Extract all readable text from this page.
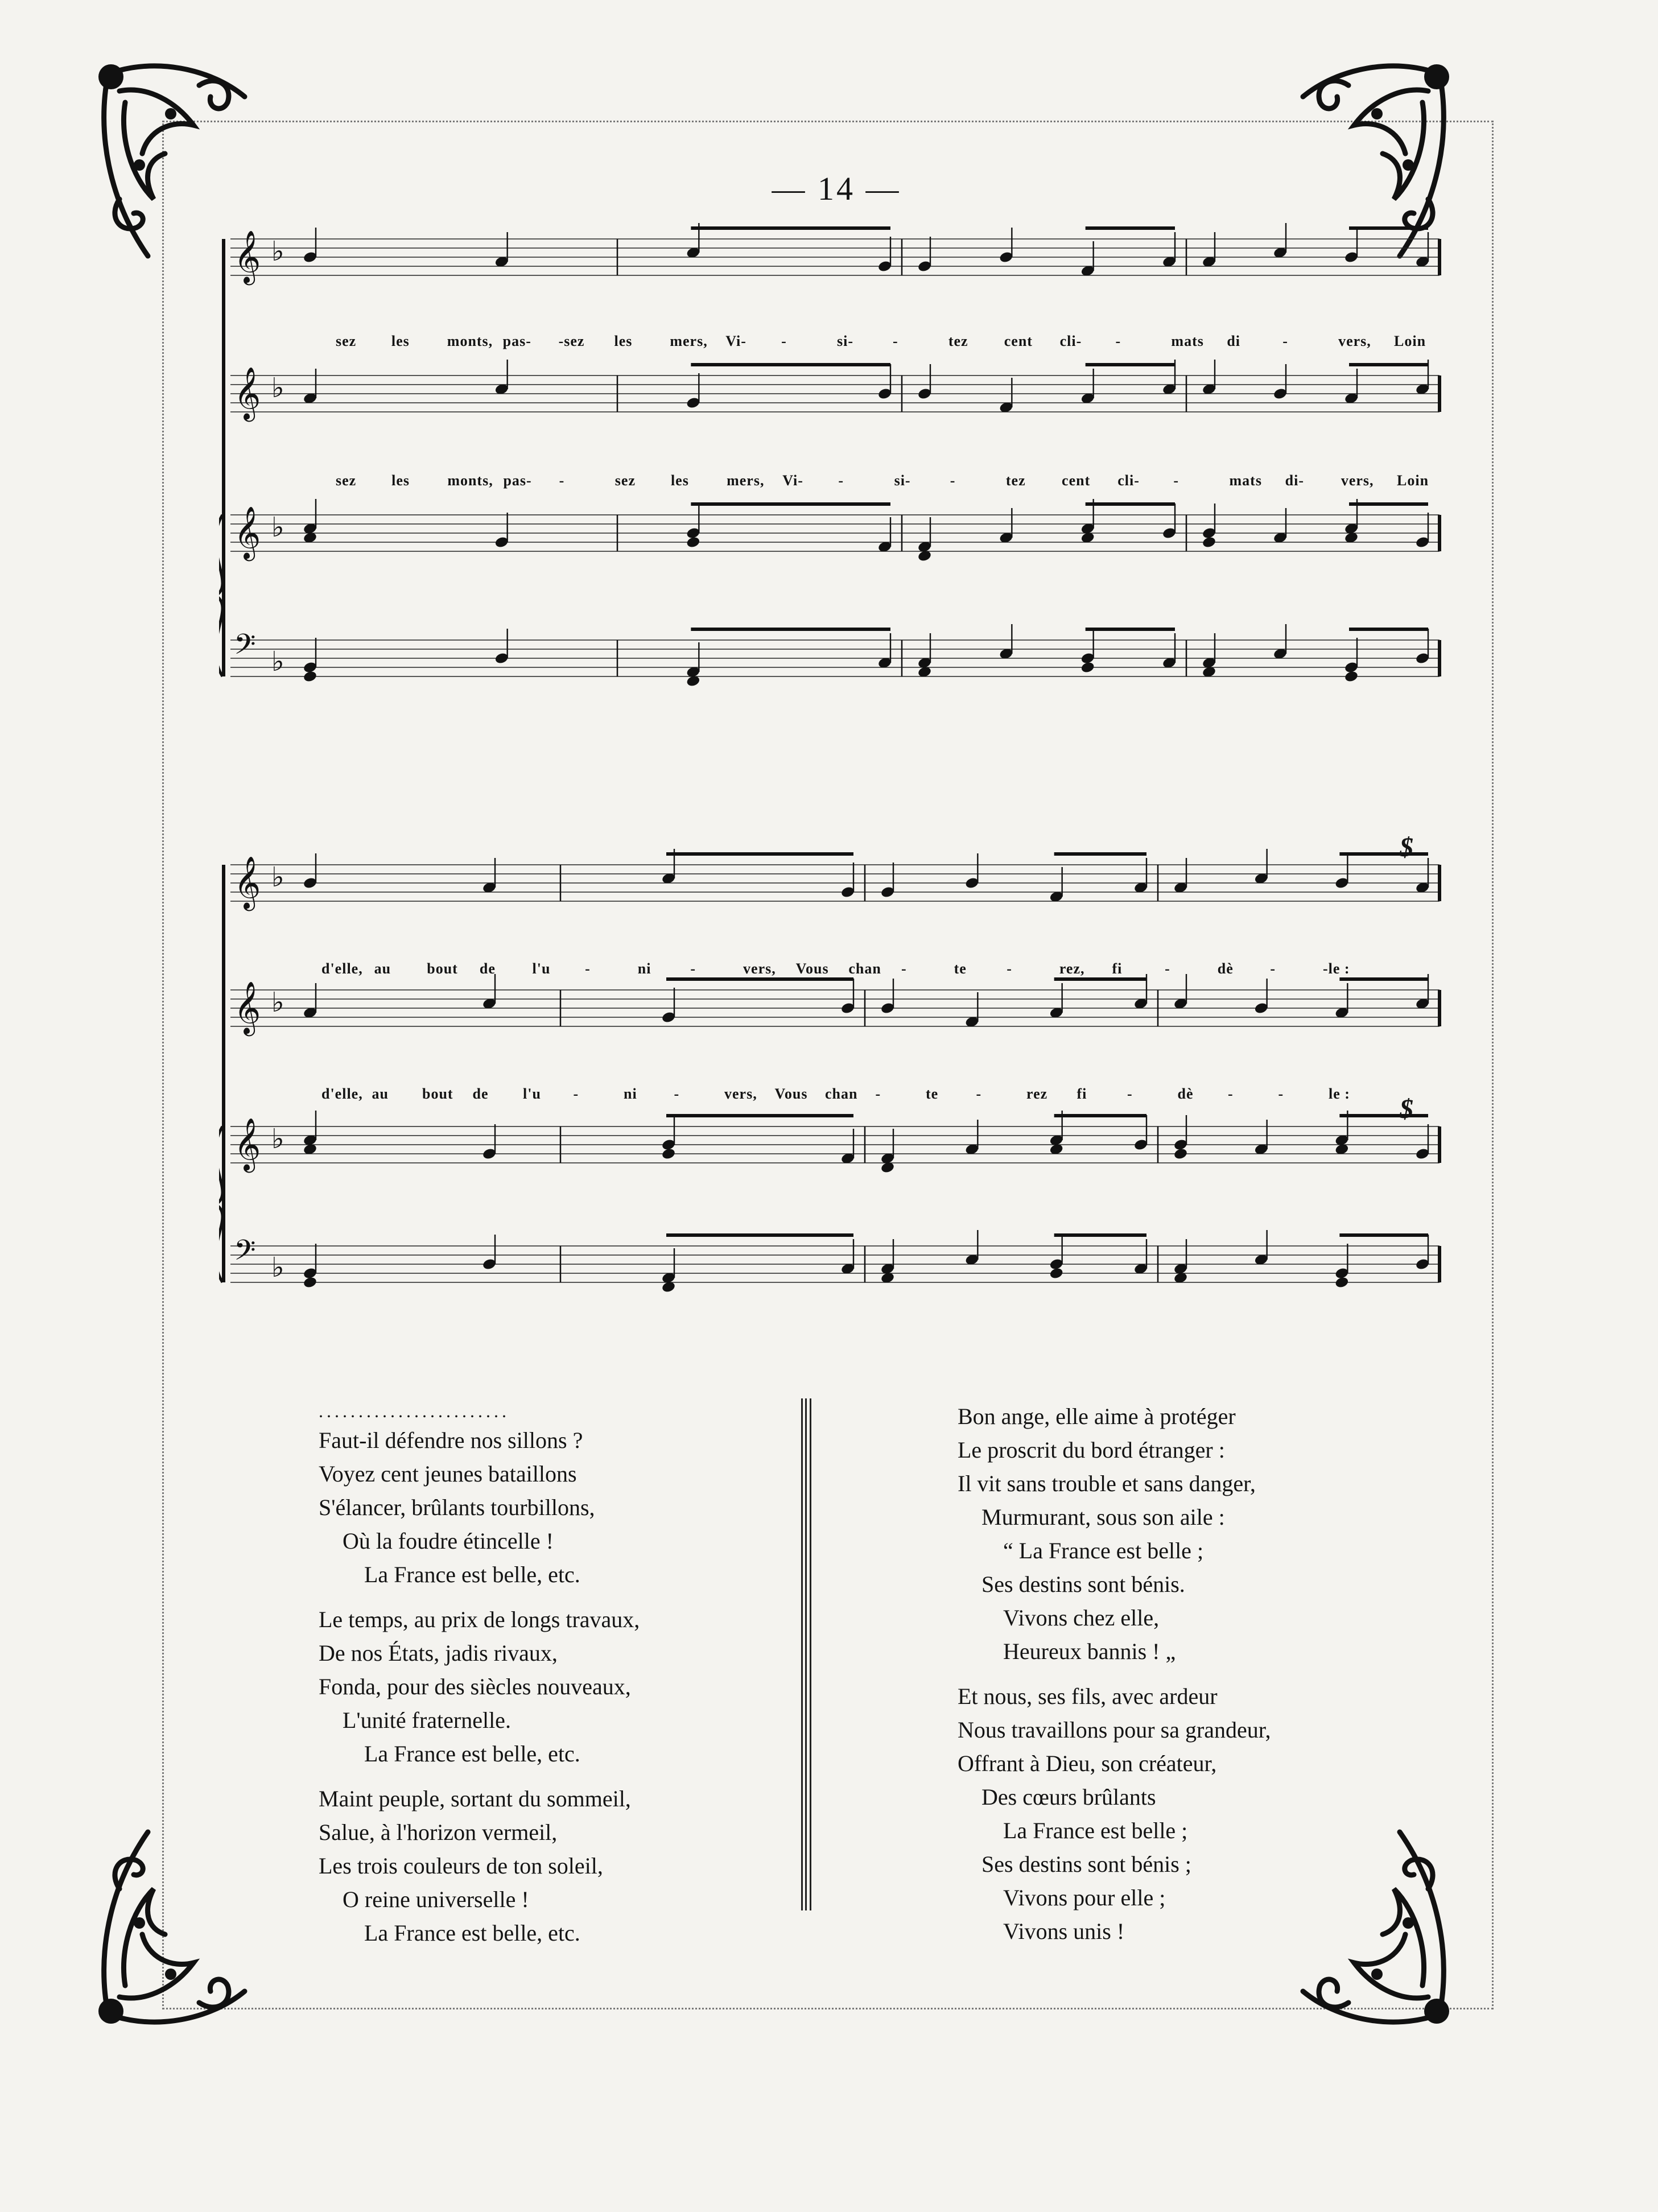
— 14 —
𝄞 ♭
𝄞 ♭
𝄞 ♭
𝄢 ♭
sez les	monts, pas- -sez les	mers, Vi- -	si-	-	tez cent cli- -	mats di	-	vers, Loin
sez les	monts, pas- -	sez les	mers, Vi- -	si-	-	tez cent cli- -	mats di- vers, Loin
𝄞 ♭
𝄞 ♭
𝄞 ♭
𝄢 ♭
d'elle, au bout de l'u -	ni	-	vers, Vous chan -	te	-	rez, fi	-	dè -	-le :
d'elle, au bout de l'u -	ni -	vers, Vous chan -	te	-	rez fi	-	dè -	-	le :
$
$
........................
Faut-il défendre nos sillons ?
Voyez cent jeunes bataillons
S'élancer, brûlants tourbillons,
Où la foudre étincelle !
La France est belle, etc.
Le temps, au prix de longs travaux,
De nos États, jadis rivaux,
Fonda, pour des siècles nouveaux,
L'unité fraternelle.
La France est belle, etc.
Maint peuple, sortant du sommeil,
Salue, à l'horizon vermeil,
Les trois couleurs de ton soleil,
O reine universelle !
La France est belle, etc.
Bon ange, elle aime à protéger
Le proscrit du bord étranger :
Il vit sans trouble et sans danger,
Murmurant, sous son aile :
“ La France est belle ;
Ses destins sont bénis.
Vivons chez elle,
Heureux bannis ! „
Et nous, ses fils, avec ardeur
Nous travaillons pour sa grandeur,
Offrant à Dieu, son créateur,
Des cœurs brûlants
La France est belle ;
Ses destins sont bénis ;
Vivons pour elle ;
Vivons unis !
